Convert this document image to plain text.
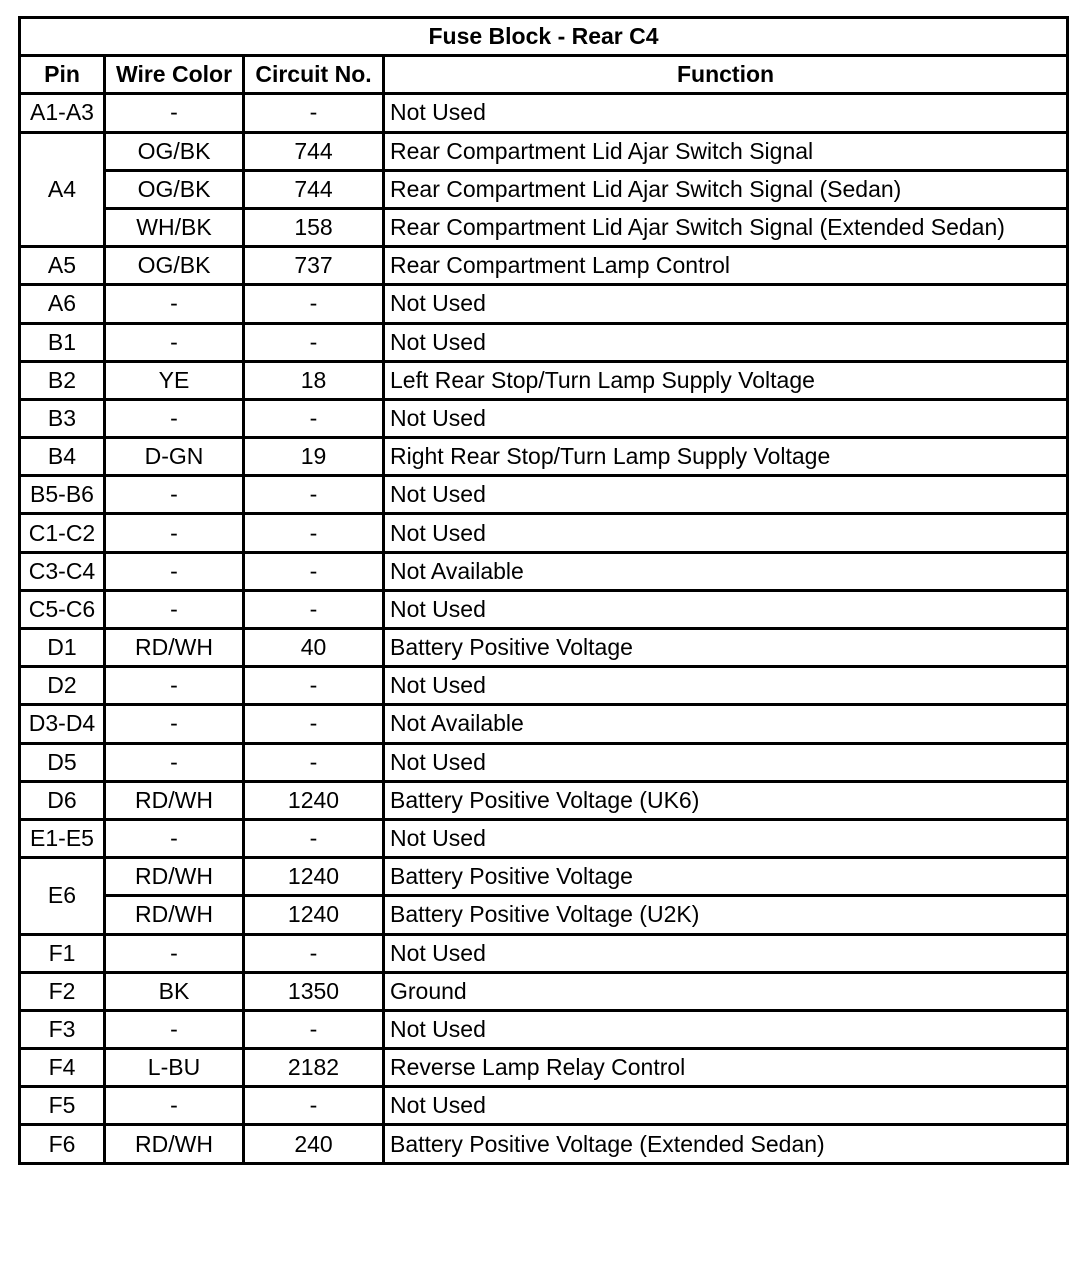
Fuse Block - Rear C4			
Pin	Wire Color	Circuit No.	Function
A1-A3	-	-	Not Used
A4	OG/BK	744	Rear Compartment Lid Ajar Switch Signal
	OG/BK	744	Rear Compartment Lid Ajar Switch Signal (Sedan)
	WH/BK	158	Rear Compartment Lid Ajar Switch Signal (Extended Sedan)
A5	OG/BK	737	Rear Compartment Lamp Control
A6	-	-	Not Used
B1	-	-	Not Used
B2	YE	18	Left Rear Stop/Turn Lamp Supply Voltage
B3	-	-	Not Used
B4	D-GN	19	Right Rear Stop/Turn Lamp Supply Voltage
B5-B6	-	-	Not Used
C1-C2	-	-	Not Used
C3-C4	-	-	Not Available
C5-C6	-	-	Not Used
D1	RD/WH	40	Battery Positive Voltage
D2	-	-	Not Used
D3-D4	-	-	Not Available
D5	-	-	Not Used
D6	RD/WH	1240	Battery Positive Voltage (UK6)
E1-E5	-	-	Not Used
E6	RD/WH	1240	Battery Positive Voltage
	RD/WH	1240	Battery Positive Voltage (U2K)
F1	-	-	Not Used
F2	BK	1350	Ground
F3	-	-	Not Used
F4	L-BU	2182	Reverse Lamp Relay Control
F5	-	-	Not Used
F6	RD/WH	240	Battery Positive Voltage (Extended Sedan)
